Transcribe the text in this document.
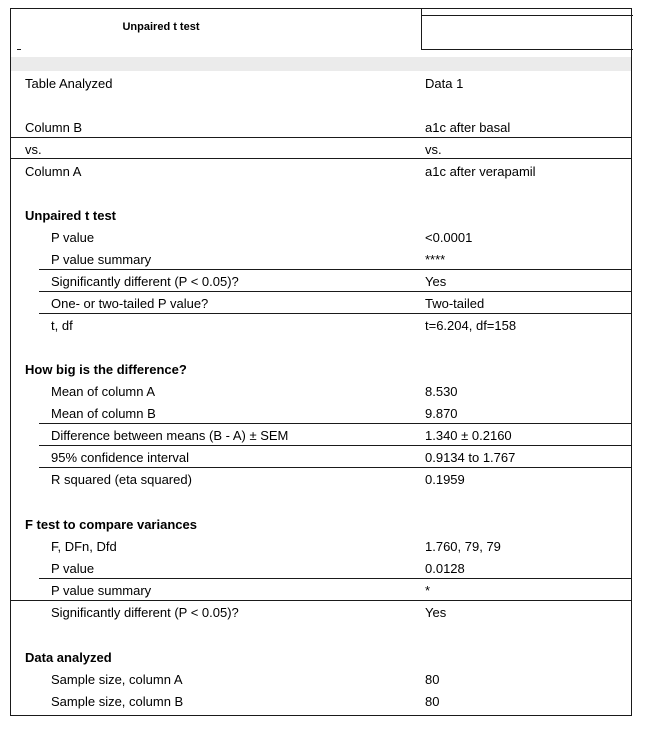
Unpaired t test
Table Analyzed	Data 1
Column B	a1c after basal
vs.	vs.
Column A	a1c after verapamil
Unpaired t test
P value	<0.0001
P value summary	****
Significantly different (P < 0.05)?	Yes
One- or two-tailed P value?	Two-tailed
t, df	t=6.204, df=158
How big is the difference?
Mean of column A	8.530
Mean of column B	9.870
Difference between means (B - A) ± SEM	1.340 ± 0.2160
95% confidence interval	0.9134 to 1.767
R squared (eta squared)	0.1959
F test to compare variances
F, DFn, Dfd	1.760, 79, 79
P value	0.0128
P value summary	*
Significantly different (P < 0.05)?	Yes
Data analyzed
Sample size, column A	80
Sample size, column B	80
